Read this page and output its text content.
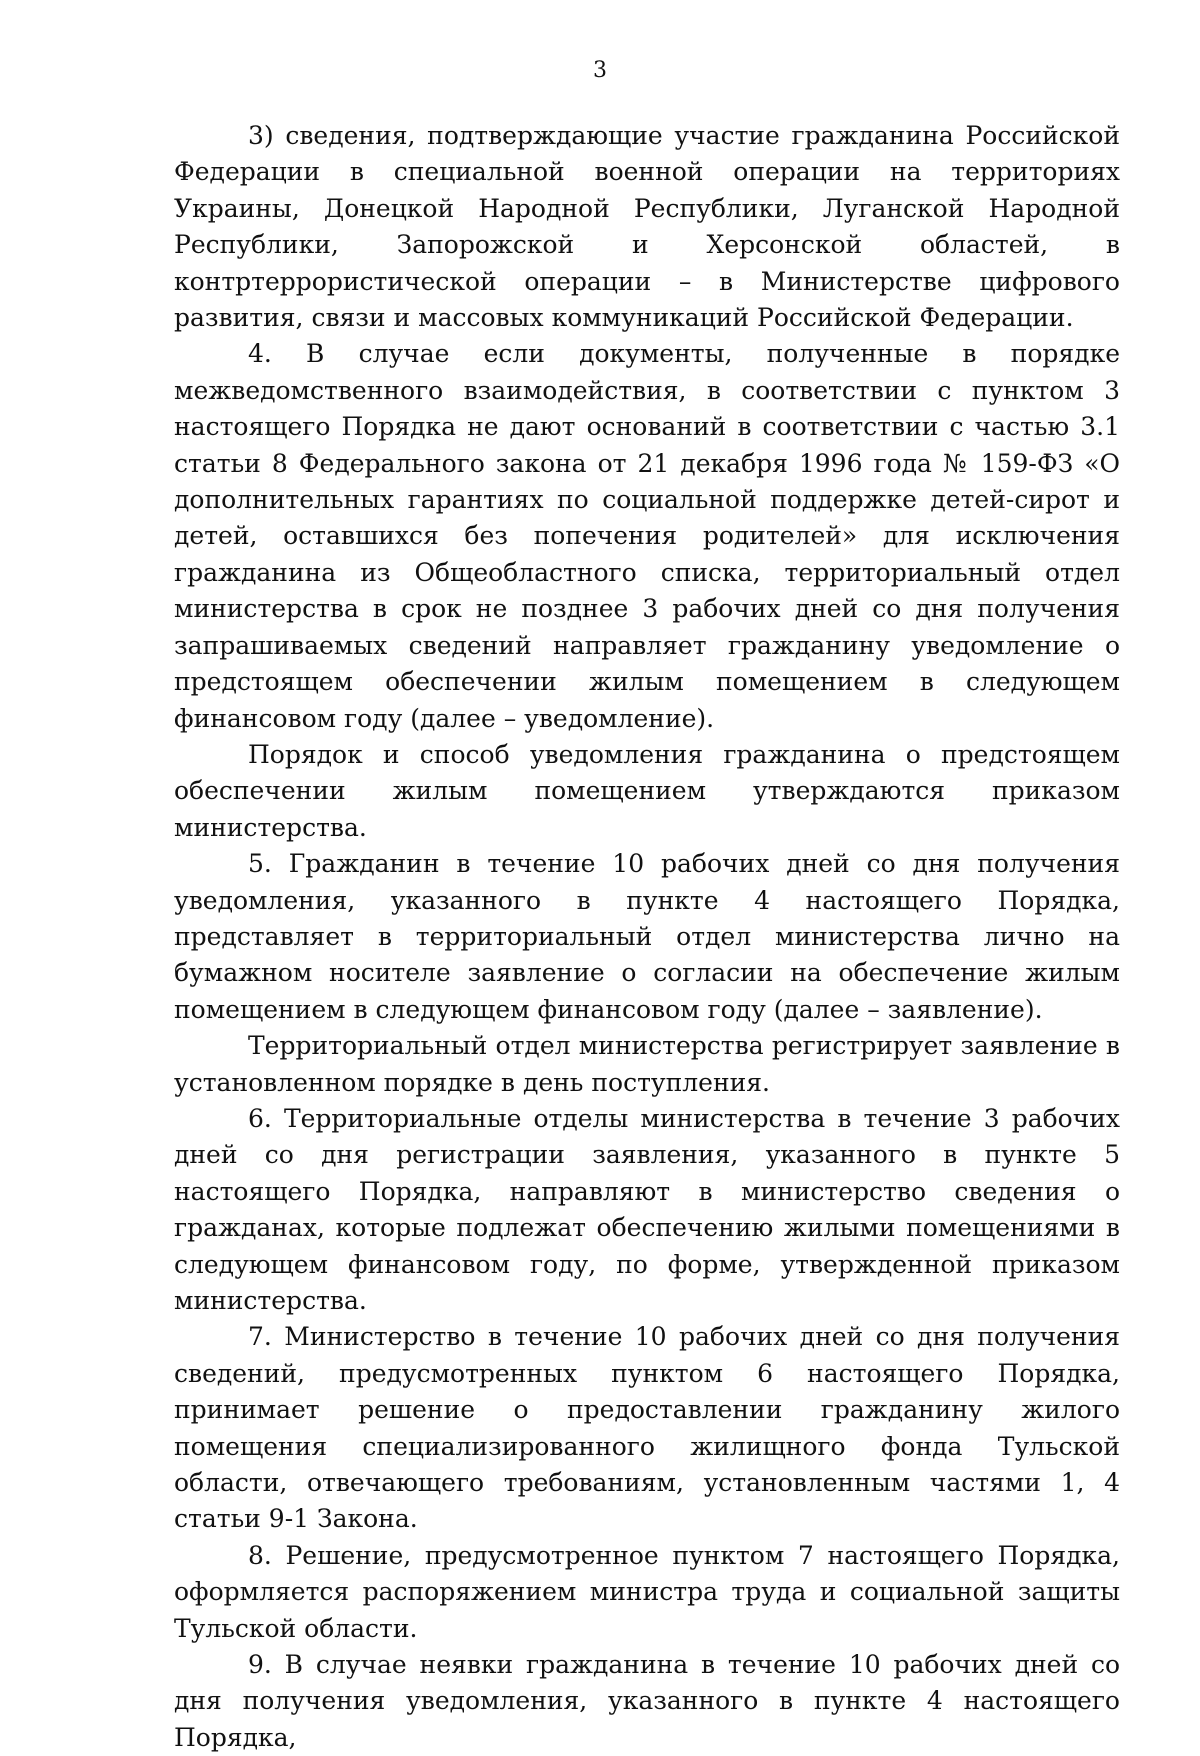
3

3) сведения, подтверждающие участие гражданина Российской Федерации в специальной военной операции на территориях Украины, Донецкой Народной Республики, Луганской Народной Республики, Запорожской и Херсонской областей, в контртеррористической операции – в Министерстве цифрового развития, связи и массовых коммуникаций Российской Федерации.

4. В случае если документы, полученные в порядке межведомственного взаимодействия, в соответствии с пунктом 3 настоящего Порядка не дают оснований в соответствии с частью 3.1 статьи 8 Федерального закона от 21 декабря 1996 года № 159-ФЗ «О дополнительных гарантиях по социальной поддержке детей-сирот и детей, оставшихся без попечения родителей» для исключения гражданина из Общеобластного списка, территориальный отдел министерства в срок не позднее 3 рабочих дней со дня получения запрашиваемых сведений направляет гражданину уведомление о предстоящем обеспечении жилым помещением в следующем финансовом году (далее – уведомление).

Порядок и способ уведомления гражданина о предстоящем обеспечении жилым помещением утверждаются приказом министерства.

5. Гражданин в течение 10 рабочих дней со дня получения уведомления, указанного в пункте 4 настоящего Порядка, представляет в территориальный отдел министерства лично на бумажном носителе заявление о согласии на обеспечение жилым помещением в следующем финансовом году (далее – заявление).

Территориальный отдел министерства регистрирует заявление в установленном порядке в день поступления.

6. Территориальные отделы министерства в течение 3 рабочих дней со дня регистрации заявления, указанного в пункте 5 настоящего Порядка, направляют в министерство сведения о гражданах, которые подлежат обеспечению жилыми помещениями в следующем финансовом году, по форме, утвержденной приказом министерства.

7. Министерство в течение 10 рабочих дней со дня получения сведений, предусмотренных пунктом 6 настоящего Порядка, принимает решение о предоставлении гражданину жилого помещения специализированного жилищного фонда Тульской области, отвечающего требованиям, установленным частями 1, 4 статьи 9-1 Закона.

8. Решение, предусмотренное пунктом 7 настоящего Порядка, оформляется распоряжением министра труда и социальной защиты Тульской области.

9. В случае неявки гражданина в течение 10 рабочих дней со дня получения уведомления, указанного в пункте 4 настоящего Порядка,
